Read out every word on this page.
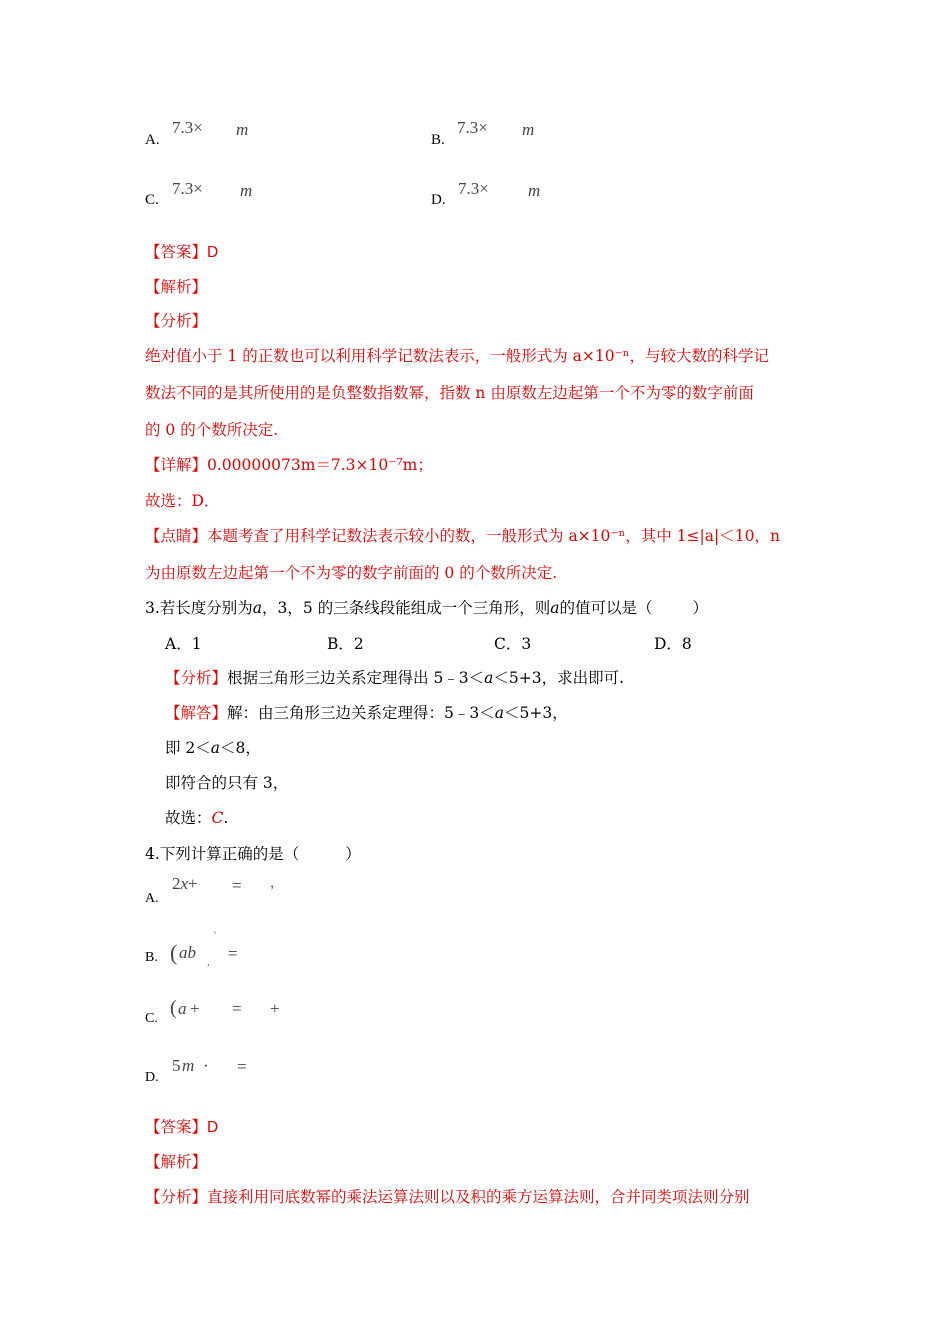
A.
7.3× m
B.
7.3× m
C.
7.3× m	D.
7.3× m
【答案】D
【解析】
【分析】
绝对值小于 1 的正数也可以利用科学记数法表示，一般形式为 a×10⁻ⁿ，与较大数的科学记
数法不同的是其所使用的是负整数指数幂，指数 n 由原数左边起第一个不为零的数字前面
的 0 的个数所决定.
【详解】0.00000073m＝7.3×10⁻⁷m；
故选：D．
【点睛】本题考查了用科学记数法表示较小的数，一般形式为 a×10⁻ⁿ，其中 1≤|a|＜10，n
为由原数左边起第一个不为零的数字前面的 0 的个数所决定.
3.若长度分别为a，3，5 的三条线段能组成一个三角形，则a的值可以是（	）
A．1	B．2	C．3	D．8
【分析】根据三角形三边关系定理得出 5﹣3＜a＜5+3，求出即可.
【解答】解：由三角形三边关系定理得：5﹣3＜a＜5+3，
即 2＜a＜8，
即符合的只有 3，
故选：C.
4.下列计算正确的是（	）
A.
2x+ = ，
B. ( ab
ˋ
, =
C. ( a + = +
D.
5 m · =
【答案】D
【解析】
【分析】直接利用同底数幂的乘法运算法则以及积的乘方运算法则，合并同类项法则分别
